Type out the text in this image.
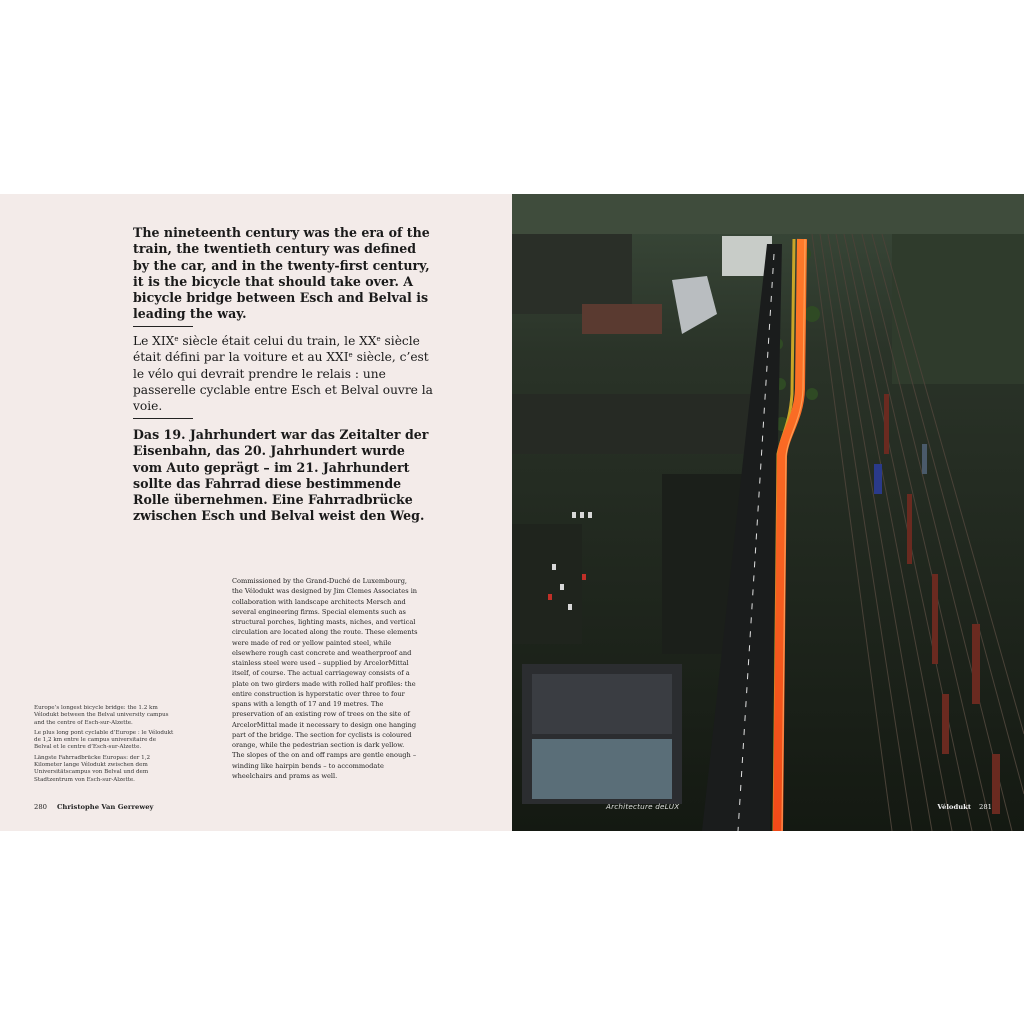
The nineteenth century was the era of the train, the twentieth century was defined by the car, and in the twenty-first century, it is the bicycle that should take over. A bicycle bridge between Esch and Belval is leading the way.

Le XIXe siècle était celui du train, le XXe siècle était défini par la voiture et au XXIe siècle, c’est le vélo qui devrait prendre le relais : une passerelle cyclable entre Esch et Belval ouvre la voie.

Das 19. Jahrhundert war das Zeitalter der Eisenbahn, das 20. Jahrhundert wurde vom Auto geprägt – im 21. Jahrhundert sollte das Fahrrad diese bestimmende Rolle übernehmen. Eine Fahrradbrücke zwischen Esch und Belval weist den Weg.

Commissioned by the Grand-Duché de Luxembourg, the Vélodukt was designed by Jim Clemes Associates in collaboration with landscape architects Mersch and several engineering firms. Special elements such as structural porches, lighting masts, niches, and vertical circulation are located along the route. These elements were made of red or yellow painted steel, while elsewhere rough cast concrete and weatherproof and stainless steel were used – supplied by ArcelorMittal itself, of course. The actual carriageway consists of a plate on two girders made with rolled half profiles: the entire construction is hyperstatic over three to four spans with a length of 17 and 19 metres. The preservation of an existing row of trees on the site of ArcelorMittal made it necessary to design one hanging part of the bridge. The section for cyclists is coloured orange, while the pedestrian section is dark yellow. The slopes of the on and off ramps are gentle enough – winding like hairpin bends – to accommodate wheelchairs and prams as well.

Europe’s longest bicycle bridge: the 1.2 km Vélodukt between the Belval university campus and the centre of Esch-sur-Alzette.

Le plus long pont cyclable d’Europe : le Vélodukt de 1,2 km entre le campus universitaire de Belval et le centre d’Esch-sur-Alzette.

Längste Fahrradbrücke Europas: der 1,2 Kilometer lange Vélodukt zwischen dem Universitätscampus von Belval und dem Stadtzentrum von Esch-sur-Alzette.

280 Christophe Van Gerrewey	Architecture deLUX	Vélodukt 281
